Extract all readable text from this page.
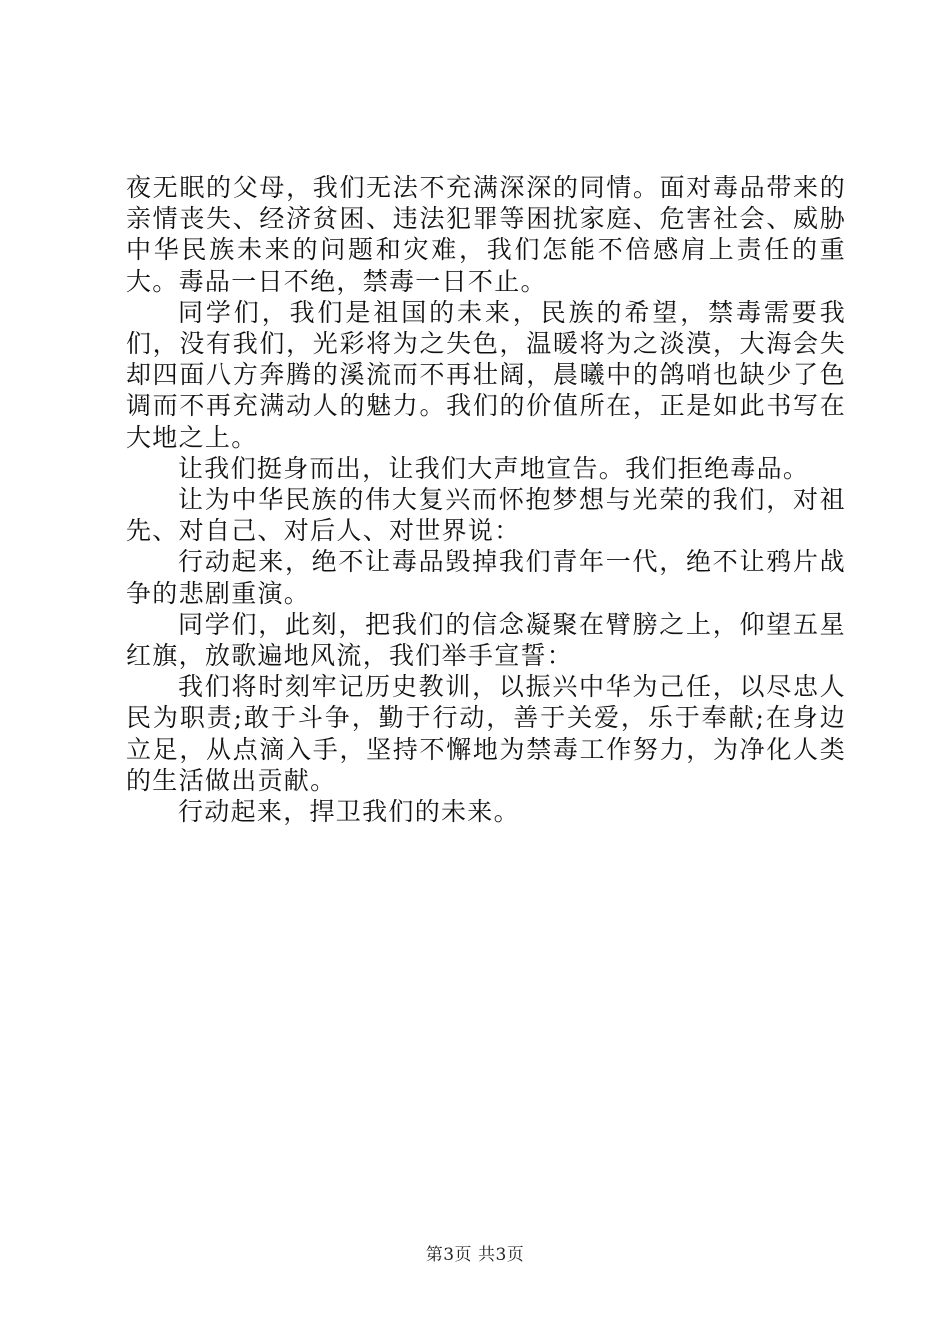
夜无眠的父母，我们无法不充满深深的同情。面对毒品带来的亲情丧失、经济贫困、违法犯罪等困扰家庭、危害社会、威胁中华民族未来的问题和灾难，我们怎能不倍感肩上责任的重大。毒品一日不绝，禁毒一日不止。

同学们，我们是祖国的未来，民族的希望，禁毒需要我们，没有我们，光彩将为之失色，温暖将为之淡漠，大海会失却四面八方奔腾的溪流而不再壮阔，晨曦中的鸽哨也缺少了色调而不再充满动人的魅力。我们的价值所在，正是如此书写在大地之上。

让我们挺身而出，让我们大声地宣告。我们拒绝毒品。

让为中华民族的伟大复兴而怀抱梦想与光荣的我们，对祖先、对自己、对后人、对世界说：

行动起来，绝不让毒品毁掉我们青年一代，绝不让鸦片战争的悲剧重演。

同学们，此刻，把我们的信念凝聚在臂膀之上，仰望五星红旗，放歌遍地风流，我们举手宣誓：

我们将时刻牢记历史教训，以振兴中华为己任，以尽忠人民为职责;敢于斗争，勤于行动，善于关爱，乐于奉献;在身边立足，从点滴入手，坚持不懈地为禁毒工作努力，为净化人类的生活做出贡献。

行动起来，捍卫我们的未来。

第3页 共3页
